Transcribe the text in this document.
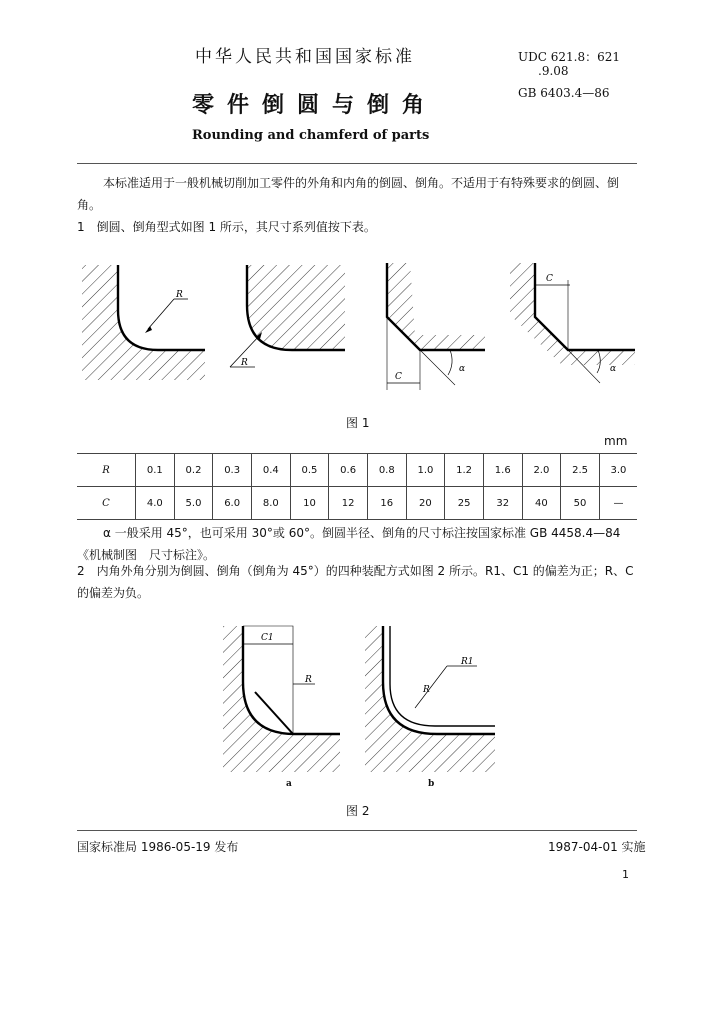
中华人民共和国国家标准	UDC 621.8：621
.9.08
GB 6403.4—86
零件倒圆与倒角
Rounding and chamferd of parts
本标准适用于一般机械切削加工零件的外角和内角的倒圆、倒角。不适用于有特殊要求的倒圆、倒角。
1　倒圆、倒角型式如图 1 所示，其尺寸系列值按下表。
R
R
C
α
C
α
图 1
mm
R	0.1	0.2	0.3	0.4	0.5	0.6	0.8	1.0	1.2	1.6	2.0	2.5	3.0
C	4.0	5.0	6.0	8.0	10	12	16	20	25	32	40	50	—
α 一般采用 45°，也可采用 30°或 60°。倒圆半径、倒角的尺寸标注按国家标准 GB 4458.4—84《机械制图　尺寸标注》。
2　内角外角分别为倒圆、倒角（倒角为 45°）的四种装配方式如图 2 所示。R1、C1 的偏差为正；R、C 的偏差为负。
C1
R
R1
R
a	b
图 2
国家标准局 1986-05-19 发布	1987-04-01 实施
1
